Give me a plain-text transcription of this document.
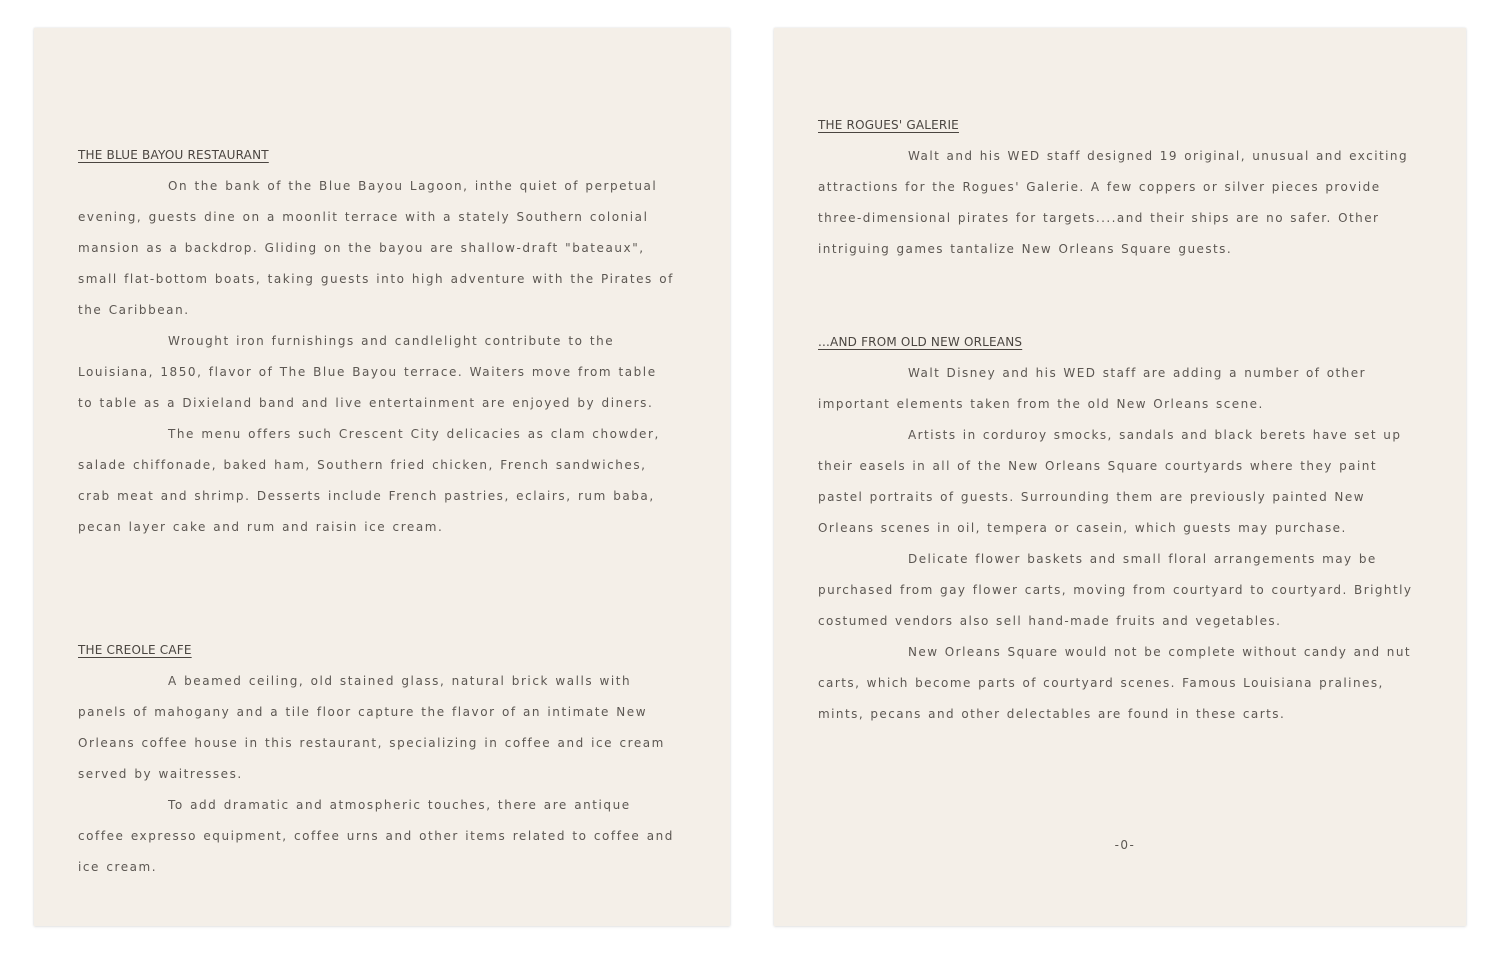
THE BLUE BAYOU RESTAURANT

On the bank of the Blue Bayou Lagoon, inthe quiet of perpetual evening, guests dine on a moonlit terrace with a stately Southern colonial mansion as a backdrop. Gliding on the bayou are shallow-draft "bateaux", small flat-bottom boats, taking guests into high adventure with the Pirates of the Caribbean.

Wrought iron furnishings and candlelight contribute to the Louisiana, 1850, flavor of The Blue Bayou terrace. Waiters move from table to table as a Dixieland band and live entertainment are enjoyed by diners.

The menu offers such Crescent City delicacies as clam chowder, salade chiffonade, baked ham, Southern fried chicken, French sandwiches, crab meat and shrimp. Desserts include French pastries, eclairs, rum baba, pecan layer cake and rum and raisin ice cream.

THE CREOLE CAFE

A beamed ceiling, old stained glass, natural brick walls with panels of mahogany and a tile floor capture the flavor of an intimate New Orleans coffee house in this restaurant, specializing in coffee and ice cream served by waitresses.

To add dramatic and atmospheric touches, there are antique coffee expresso equipment, coffee urns and other items related to coffee and ice cream.

THE ROGUES' GALERIE

Walt and his WED staff designed 19 original, unusual and exciting attractions for the Rogues' Galerie. A few coppers or silver pieces provide three-dimensional pirates for targets....and their ships are no safer. Other intriguing games tantalize New Orleans Square guests.

...AND FROM OLD NEW ORLEANS

Walt Disney and his WED staff are adding a number of other important elements taken from the old New Orleans scene.

Artists in corduroy smocks, sandals and black berets have set up their easels in all of the New Orleans Square courtyards where they paint pastel portraits of guests. Surrounding them are previously painted New Orleans scenes in oil, tempera or casein, which guests may purchase.

Delicate flower baskets and small floral arrangements may be purchased from gay flower carts, moving from courtyard to courtyard. Brightly costumed vendors also sell hand-made fruits and vegetables.

New Orleans Square would not be complete without candy and nut carts, which become parts of courtyard scenes. Famous Louisiana pralines, mints, pecans and other delectables are found in these carts.

-0-
